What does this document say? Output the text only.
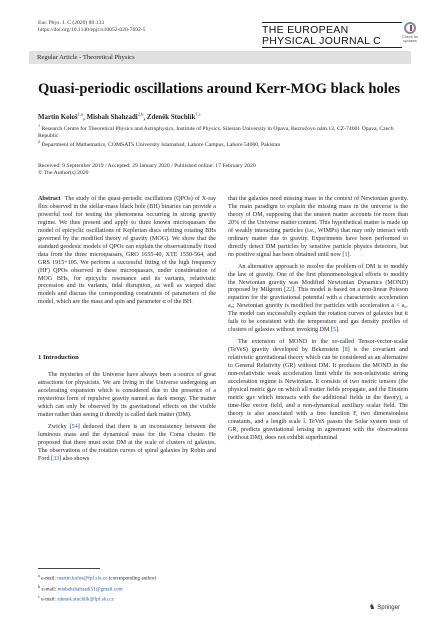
Eur. Phys. J. C (2020) 80:133
https://doi.org/10.1140/epjc/s10052-020-7692-5	THE EUROPEAN
PHYSICAL JOURNAL C	Check for updates
Regular Article - Theoretical Physics
Quasi-periodic oscillations around Kerr-MOG black holes
Martin Kološ$^{1,a}$, Misbah Shahzadi$^{2,b}$, Zdeněk Stuchlík$^{1,c}$
$^1$ Research Centre for Theoretical Physics and Astrophysics, Institute of Physics, Silesian University in Opava, Bezručovo nám.13, CZ-74601 Opava, Czech Republic
$^2$ Department of Mathematics, COMSATS University Islamabad, Lahore Campus, Lahore 54000, Pakistan
Received: 9 September 2019 / Accepted: 29 January 2020 / Published online: 17 February 2020
© The Author(s) 2020

Abstract The study of the quasi-periodic oscillations (QPOs) of X-ray flux observed in the stellar-mass black hole (BH) binaries can provide a powerful tool for testing the phenomena occurring in strong gravity regime. We thus present and apply to three known microquasars the model of epicyclic oscillations of Keplerian discs orbiting rotating BHs governed by the modified theory of gravity (MOG). We show that the standard geodesic models of QPOs can explain the observationally fixed data from the three microquasars, GRO 1655-40, XTE 1550-564, and GRS 1915+105. We perform a successful fitting of the high frequency (HF) QPOs observed in these microquasars, under consideration of MOG BHs, for epicyclic resonance and its variants, relativistic precession and its variants, tidal disruption, as well as warped disc models and discuss the corresponding constraints of parameters of the model, which are the mass and spin and parameter α of the BH.

1 Introduction

The mysteries of the Universe have always been a source of great attractions for physicists. We are living in the Universe undergoing an accelerating expansion which is considered due to the presence of a mysterious form of repulsive gravity named as dark energy. The matter which can only be observed by its gravitational effects on the visible matter rather than seeing it directly is called dark matter (DM).

Zwicky [54] deduced that there is an inconsistency between the luminous mass and the dynamical mass for the Coma cluster. He proposed that there must exist DM at the scale of clusters of galaxies. The observations of the rotation curves of spiral galaxies by Robin and Ford [33] also shows

that the galaxies need missing mass in the context of Newtonian gravity. The main paradigm to explain the missing mass in the universe is the theory of DM, supposing that the unseen matter accounts for more than 20% of the Universe matter content. This hypothetical matter is made up of weakly interacting particles (i.e., WIMPs) that may only interact with ordinary matter due to gravity. Experiments have been performed to directly detect DM particles by sensitive particle physics detectors, but no positive signal has been obtained until now [1].

An alternative approach to resolve the problem of DM is to modify the law of gravity. One of the first phenomenological efforts to modify the Newtonian gravity was Modified Newtonian Dynamics (MOND) proposed by Milgrom [22]. This model is based on a non-linear Poisson equation for the gravitational potential with a characteristic acceleration a₀; Newtonian gravity is modified for particles with acceleration a < a₀. The model can successfully explain the rotation curves of galaxies but it fails to be consistent with the temperature and gas density profiles of clusters of galaxies without invoking DM [5].

The extension of MOND in the so-called Tensor-vector-scalar (TeVeS) gravity developed by Bekenstein [8] is the covariant and relativistic gravitational theory which can be considered as an alternative to General Relativity (GR) without DM. It produces the MOND in the non-relativistic weak acceleration limit while its non-relativistic strong acceleration regime is Newtonian. It consists of two metric tensors (the physical metric g̃μν on which all matter fields propagate, and the Einstein metric gμν which interacts with the additional fields in the theory), a time-like vector field, and a non-dynamical auxiliary scalar field. The theory is also associated with a free function F, two dimensionless constants, and a length scale l. TeVeS passes the Solar system tests of GR, predicts gravitational lensing in agreement with the observations (without DM), does not exhibit superluminal

$^a$ e-mail: martin.kolos@fpf.slu.cz (corresponding author)
$^b$ e-mail: misbahshahzadi51@gmail.com
$^c$ e-mail: zdenek.stuchlik@fpf.slu.cz
♞ Springer
